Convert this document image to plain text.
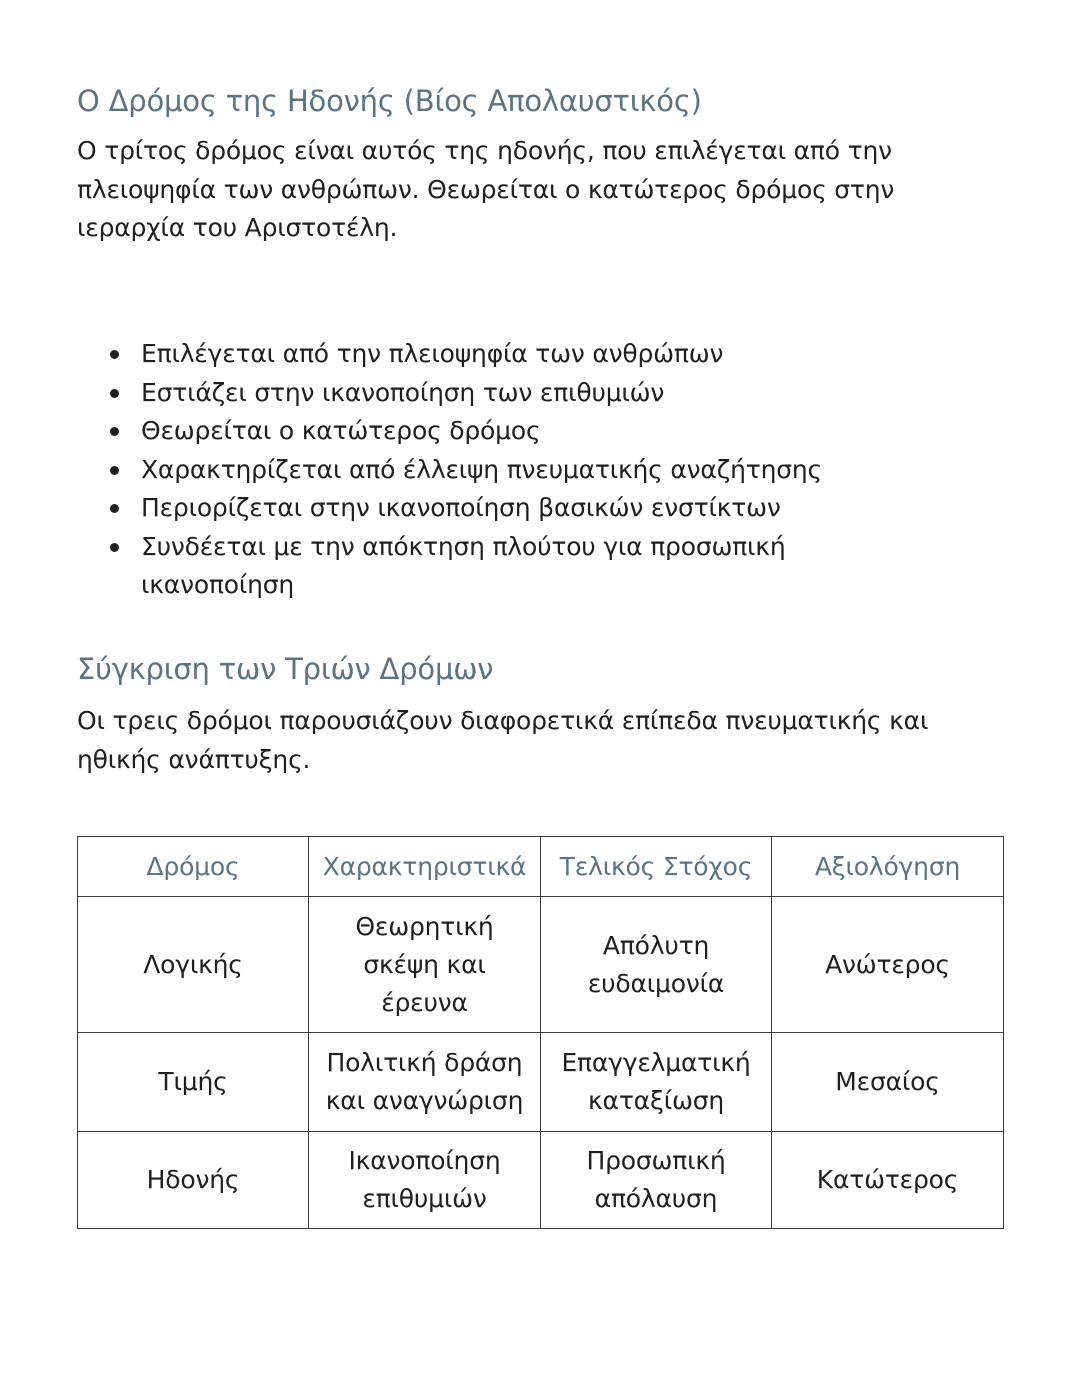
Ο Δρόμος της Ηδονής (Βίος Απολαυστικός)

Ο τρίτος δρόμος είναι αυτός της ηδονής, που επιλέγεται από την πλειοψηφία των ανθρώπων. Θεωρείται ο κατώτερος δρόμος στην ιεραρχία του Αριστοτέλη.

Επιλέγεται από την πλειοψηφία των ανθρώπων
Εστιάζει στην ικανοποίηση των επιθυμιών
Θεωρείται ο κατώτερος δρόμος
Χαρακτηρίζεται από έλλειψη πνευματικής αναζήτησης
Περιορίζεται στην ικανοποίηση βασικών ενστίκτων
Συνδέεται με την απόκτηση πλούτου για προσωπική ικανοποίηση
Σύγκριση των Τριών Δρόμων

Οι τρεις δρόμοι παρουσιάζουν διαφορετικά επίπεδα πνευματικής και ηθικής ανάπτυξης.

Δρόμος	Χαρακτηριστικά	Τελικός Στόχος	Αξιολόγηση
Λογικής	Θεωρητική σκέψη και έρευνα	Απόλυτη ευδαιμονία	Ανώτερος
Τιμής	Πολιτική δράση και αναγνώριση	Επαγγελματική καταξίωση	Μεσαίος
Ηδονής	Ικανοποίηση επιθυμιών	Προσωπική απόλαυση	Κατώτερος
